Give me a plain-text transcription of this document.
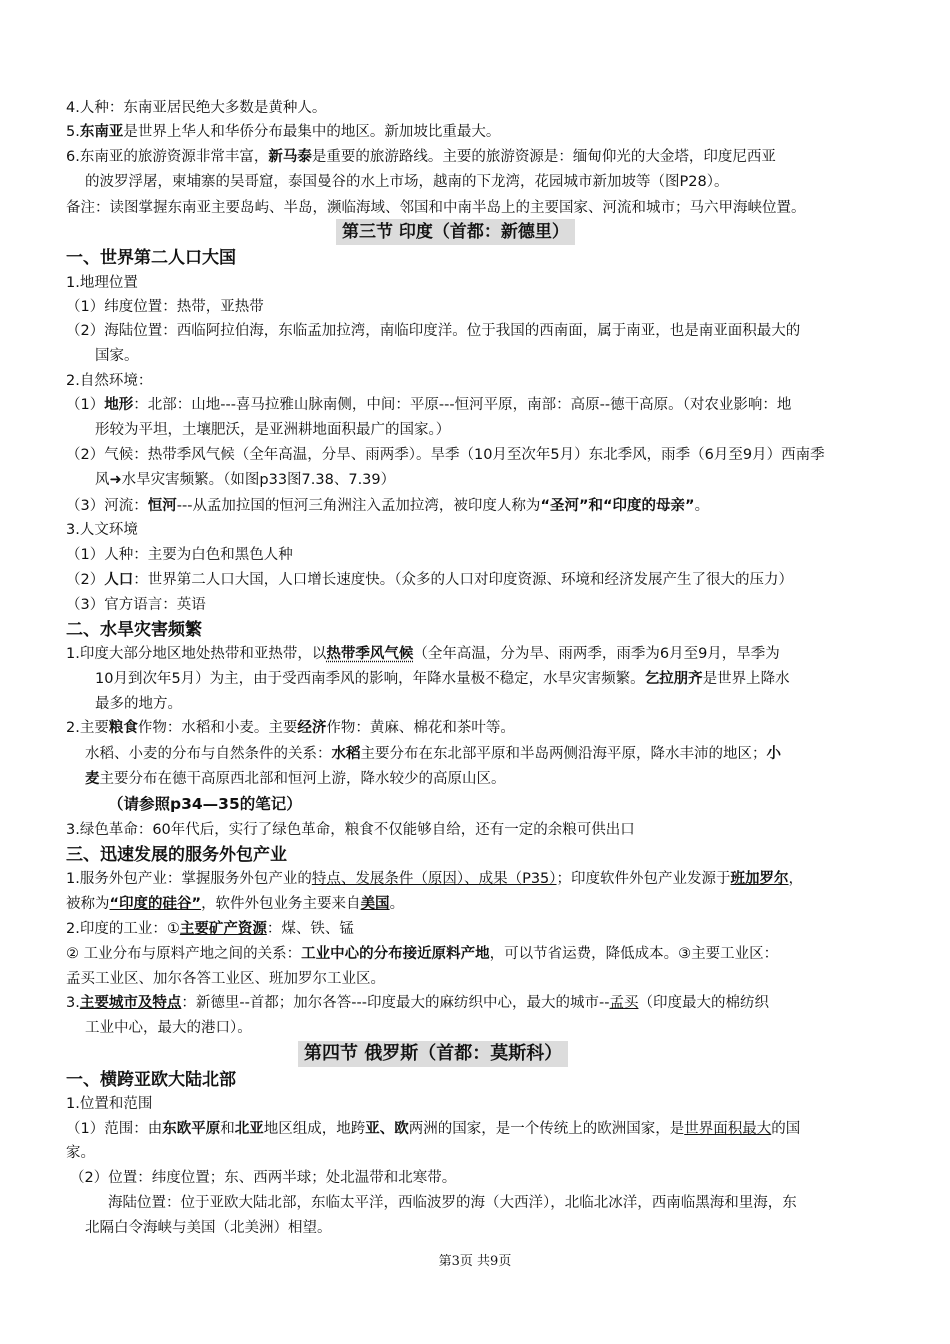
4.人种：东南亚居民绝大多数是黄种人。
5.东南亚是世界上华人和华侨分布最集中的地区。新加坡比重最大。
6.东南亚的旅游资源非常丰富，新马泰是重要的旅游路线。主要的旅游资源是：缅甸仰光的大金塔，印度尼西亚
的波罗浮屠，柬埔寨的吴哥窟，泰国曼谷的水上市场，越南的下龙湾，花园城市新加坡等（图P28）。
备注：读图掌握东南亚主要岛屿、半岛，濒临海域、邻国和中南半岛上的主要国家、河流和城市；马六甲海峡位置。
第三节 印度（首都：新德里）
一、世界第二人口大国
1.地理位置
（1）纬度位置：热带，亚热带
（2）海陆位置：西临阿拉伯海，东临孟加拉湾，南临印度洋。位于我国的西南面，属于南亚，也是南亚面积最大的
国家。
2.自然环境：
（1）地形：北部：山地---喜马拉雅山脉南侧，中间：平原---恒河平原，南部：高原--德干高原。（对农业影响：地
形较为平坦，土壤肥沃，是亚洲耕地面积最广的国家。）
（2）气候：热带季风气候（全年高温，分旱、雨两季）。旱季（10月至次年5月）东北季风，雨季（6月至9月）西南季
风➜水旱灾害频繁。（如图p33图7.38、7.39）
（3）河流：恒河---从孟加拉国的恒河三角洲注入孟加拉湾，被印度人称为“圣河”和“印度的母亲”。
3.人文环境
（1）人种：主要为白色和黑色人种
（2）人口：世界第二人口大国，人口增长速度快。（众多的人口对印度资源、环境和经济发展产生了很大的压力）
（3）官方语言：英语
二、水旱灾害频繁
1.印度大部分地区地处热带和亚热带，以热带季风气候（全年高温，分为旱、雨两季，雨季为6月至9月，旱季为
10月到次年5月）为主，由于受西南季风的影响，年降水量极不稳定，水旱灾害频繁。乞拉朋齐是世界上降水
最多的地方。
2.主要粮食作物：水稻和小麦。主要经济作物：黄麻、棉花和茶叶等。
水稻、小麦的分布与自然条件的关系：水稻主要分布在东北部平原和半岛两侧沿海平原，降水丰沛的地区；小
麦主要分布在德干高原西北部和恒河上游，降水较少的高原山区。
（请参照p34—35的笔记）
3.绿色革命：60年代后，实行了绿色革命，粮食不仅能够自给，还有一定的余粮可供出口
三、迅速发展的服务外包产业
1.服务外包产业：掌握服务外包产业的特点、发展条件（原因）、成果（P35）；印度软件外包产业发源于班加罗尔，
被称为“印度的硅谷”，软件外包业务主要来自美国。
2.印度的工业：①主要矿产资源：煤、铁、锰
② 工业分布与原料产地之间的关系：工业中心的分布接近原料产地，可以节省运费，降低成本。③主要工业区：
孟买工业区、加尔各答工业区、班加罗尔工业区。
3.主要城市及特点：新德里--首都；加尔各答---印度最大的麻纺织中心，最大的城市--孟买（印度最大的棉纺织
工业中心，最大的港口）。
第四节 俄罗斯（首都：莫斯科）
一、横跨亚欧大陆北部
1.位置和范围
（1）范围：由东欧平原和北亚地区组成，地跨亚、欧两洲的国家，是一个传统上的欧洲国家，是世界面积最大的国
家。
（2）位置：纬度位置；东、西两半球；处北温带和北寒带。
海陆位置：位于亚欧大陆北部，东临太平洋，西临波罗的海（大西洋），北临北冰洋，西南临黑海和里海，东
北隔白令海峡与美国（北美洲）相望。
第3页 共9页
